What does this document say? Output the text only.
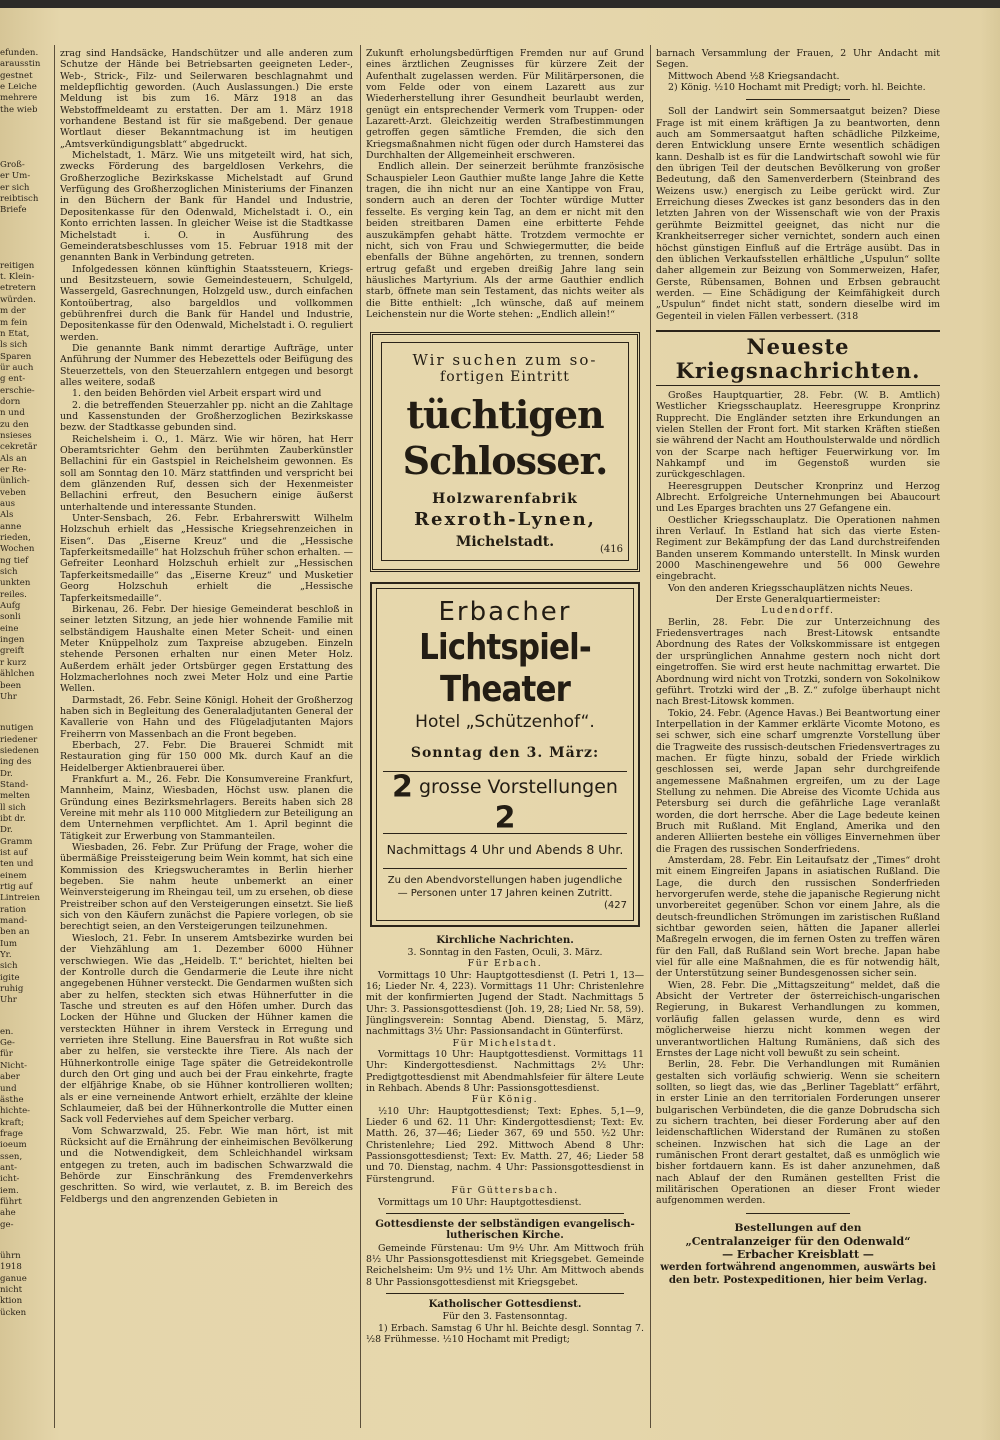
efunden.
arausstin
gestnet
e Leiche
mehrere
the wieb
Groß-
er Um-
er sich
reibtisch
Briefe
reitigen
t. Klein-
etretern
würden.
m der
m fein
n Etat,
ls sich
Sparen
ür auch
g ent-
erschie-
dorn
n und
zu den
nsieses
cekretär
Als an
er Re-
ünlich-
veben
aus
Als
anne
rieden,
Wochen
ng tief
sich
unkten
reiles.
Aufg
sonli
eine
ingen
greift
r kurz
ählchen
been
Uhr
nutigen
riedener
siedenen
ing des
Dr.
Stand-
melten
ll sich
ibt dr.
Dr.
Gramm
ist auf
ten und
einem
rtig auf
Lintreien
ration
mand-
ben an
Ium
Yr.
sich
igite
ruhig
Uhr
en.
Ge-
für
Nicht-
aber
und
ästhe
hichte-
kraft;
frage
ioeum
ssen,
ant-
icht-
iem.
führt
ahe
ge-
ührn
1918
ganue
nicht
ktion
ücken

zrag sind Handsäcke, Handschützer und alle anderen zum Schutze der Hände bei Betriebsarten geeigneten Leder-, Web-, Strick-, Filz- und Seilerwaren beschlagnahmt und meldepflichtig geworden. (Auch Auslassungen.) Die erste Meldung ist bis zum 16. März 1918 an das Webstoffmeldeamt zu erstatten. Der am 1. März 1918 vorhandene Bestand ist für sie maßgebend. Der genaue Wortlaut dieser Bekanntmachung ist im heutigen „Amtsverkündigungsblatt“ abgedruckt.

Michelstadt, 1. März. Wie uns mitgeteilt wird, hat sich, zwecks Förderung des bargeldlosen Verkehrs, die Großherzogliche Bezirkskasse Michelstadt auf Grund Verfügung des Großherzoglichen Ministeriums der Finanzen in den Büchern der Bank für Handel und Industrie, Depositenkasse für den Odenwald, Michelstadt i. O., ein Konto errichten lassen. In gleicher Weise ist die Stadtkasse Michelstadt i. O. in Ausführung des Gemeinderatsbeschlusses vom 15. Februar 1918 mit der genannten Bank in Verbindung getreten.

Infolgedessen können künftighin Staatssteuern, Kriegs- und Besitzsteuern, sowie Gemeindesteuern, Schulgeld, Wassergeld, Gasrechnungen, Holzgeld usw., durch einfachen Kontoübertrag, also bargeldlos und vollkommen gebührenfrei durch die Bank für Handel und Industrie, Depositenkasse für den Odenwald, Michelstadt i. O. reguliert werden.

Die genannte Bank nimmt derartige Aufträge, unter Anführung der Nummer des Hebezettels oder Beifügung des Steuerzettels, von den Steuerzahlern entgegen und besorgt alles weitere, sodaß

1. den beiden Behörden viel Arbeit erspart wird und

2. die betreffenden Steuerzahler pp. nicht an die Zahltage und Kassenstunden der Großherzoglichen Bezirkskasse bezw. der Stadtkasse gebunden sind.

Reichelsheim i. O., 1. März. Wie wir hören, hat Herr Oberamtsrichter Gehm den berühmten Zauberkünstler Bellachini für ein Gastspiel in Reichelsheim gewonnen. Es soll am Sonntag den 10. März stattfinden und verspricht bei dem glänzenden Ruf, dessen sich der Hexenmeister Bellachini erfreut, den Besuchern einige äußerst unterhaltende und interessante Stunden.

Unter-Sensbach, 26. Febr. Erbahrerswitt Wilhelm Holzschuh erhielt das „Hessische Kriegsehrenzeichen in Eisen“. Das „Eiserne Kreuz“ und die „Hessische Tapferkeitsmedaille“ hat Holzschuh früher schon erhalten. — Gefreiter Leonhard Holzschuh erhielt zur „Hessischen Tapferkeitsmedaille“ das „Eiserne Kreuz“ und Musketier Georg Holzschuh erhielt die „Hessische Tapferkeitsmedaille“.

Birkenau, 26. Febr. Der hiesige Gemeinderat beschloß in seiner letzten Sitzung, an jede hier wohnende Familie mit selbständigem Haushalte einen Meter Scheit- und einen Meter Knüppelholz zum Taxpreise abzugeben. Einzeln stehende Personen erhalten nur einen Meter Holz. Außerdem erhält jeder Ortsbürger gegen Erstattung des Holzmacherlohnes noch zwei Meter Holz und eine Partie Wellen.

Darmstadt, 26. Febr. Seine Königl. Hoheit der Großherzog haben sich in Begleitung des Generaladjutanten General der Kavallerie von Hahn und des Flügeladjutanten Majors Freiherrn von Massenbach an die Front begeben.

Eberbach, 27. Febr. Die Brauerei Schmidt mit Restauration ging für 150 000 Mk. durch Kauf an die Heidelberger Aktienbrauerei über.

Frankfurt a. M., 26. Febr. Die Konsumvereine Frankfurt, Mannheim, Mainz, Wiesbaden, Höchst usw. planen die Gründung eines Bezirksmehrlagers. Bereits haben sich 28 Vereine mit mehr als 110 000 Mitgliedern zur Beteiligung an dem Unternehmen verpflichtet. Am 1. April beginnt die Tätigkeit zur Erwerbung von Stammanteilen.

Wiesbaden, 26. Febr. Zur Prüfung der Frage, woher die übermäßige Preissteigerung beim Wein kommt, hat sich eine Kommission des Kriegswucheramtes in Berlin hierher begeben. Sie nahm heute unbemerkt an einer Weinversteigerung im Rheingau teil, um zu ersehen, ob diese Preistreiber schon auf den Versteigerungen einsetzt. Sie ließ sich von den Käufern zunächst die Papiere vorlegen, ob sie berechtigt seien, an den Versteigerungen teilzunehmen.

Wiesloch, 21. Febr. In unserem Amtsbezirke wurden bei der Viehzählung am 1. Dezember 6000 Hühner verschwiegen. Wie das „Heidelb. T.“ berichtet, hielten bei der Kontrolle durch die Gendarmerie die Leute ihre nicht angegebenen Hühner versteckt. Die Gendarmen wußten sich aber zu helfen, steckten sich etwas Hühnerfutter in die Tasche und streuten es auf den Höfen umher. Durch das Locken der Hühne und Glucken der Hühner kamen die versteckten Hühner in ihrem Versteck in Erregung und verrieten ihre Stellung. Eine Bauersfrau in Rot wußte sich aber zu helfen, sie versteckte ihre Tiere. Als nach der Hühnerkontrolle einige Tage später die Getreidekontrolle durch den Ort ging und auch bei der Frau einkehrte, fragte der elfjährige Knabe, ob sie Hühner kontrollieren wollten; als er eine verneinende Antwort erhielt, erzählte der kleine Schlaumeier, daß bei der Hühnerkontrolle die Mutter einen Sack voll Federviehes auf dem Speicher verbarg.

Vom Schwarzwald, 25. Febr. Wie man hört, ist mit Rücksicht auf die Ernährung der einheimischen Bevölkerung und die Notwendigkeit, dem Schleichhandel wirksam entgegen zu treten, auch im badischen Schwarzwald die Behörde zur Einschränkung des Fremdenverkehrs geschritten. So wird, wie verlautet, z. B. im Bereich des Feldbergs und den angrenzenden Gebieten in

Zukunft erholungsbedürftigen Fremden nur auf Grund eines ärztlichen Zeugnisses für kürzere Zeit der Aufenthalt zugelassen werden. Für Militärpersonen, die vom Felde oder von einem Lazarett aus zur Wiederherstellung ihrer Gesundheit beurlaubt werden, genügt ein entsprechender Vermerk vom Truppen- oder Lazarett-Arzt. Gleichzeitig werden Strafbestimmungen getroffen gegen sämtliche Fremden, die sich den Kriegsmaßnahmen nicht fügen oder durch Hamsterei das Durchhalten der Allgemeinheit erschweren.

Endlich allein. Der seinerzeit berühmte französische Schauspieler Leon Gauthier mußte lange Jahre die Kette tragen, die ihn nicht nur an eine Xantippe von Frau, sondern auch an deren der Tochter würdige Mutter fesselte. Es verging kein Tag, an dem er nicht mit den beiden streitbaren Damen eine erbitterte Fehde auszukämpfen gehabt hätte. Trotzdem vermochte er nicht, sich von Frau und Schwiegermutter, die beide ebenfalls der Bühne angehörten, zu trennen, sondern ertrug gefaßt und ergeben dreißig Jahre lang sein häusliches Martyrium. Als der arme Gauthier endlich starb, öffnete man sein Testament, das nichts weiter als die Bitte enthielt: „Ich wünsche, daß auf meinem Leichenstein nur die Worte stehen: „Endlich allein!“

Wir suchen zum so-
fortigen Eintritt
tüchtigen Schlosser.
Holzwarenfabrik
Rexroth-Lynen,
Michelstadt.	(416
Erbacher
Lichtspiel-Theater
Hotel „Schützenhof“.
Sonntag den 3. März:
2 grosse Vorstellungen 2
Nachmittags 4 Uhr und Abends 8 Uhr.
Zu den Abendvorstellungen haben jugendliche — Personen unter 17 Jahren keinen Zutritt.
(427
Kirchliche Nachrichten.

3. Sonntag in den Fasten, Oculi, 3. März.

Für Erbach.

Vormittags 10 Uhr: Hauptgottesdienst (I. Petri 1, 13—16; Lieder Nr. 4, 223). Vormittags 11 Uhr: Christenlehre mit der konfirmierten Jugend der Stadt. Nachmittags 5 Uhr: 3. Passionsgottesdienst (Joh. 19, 28; Lied Nr. 58, 59). Jünglingsverein: Sonntag Abend. Dienstag, 5. März, nachmittags 3½ Uhr: Passionsandacht in Günterfürst.

Für Michelstadt.

Vormittags 10 Uhr: Hauptgottesdienst. Vormittags 11 Uhr: Kindergottesdienst. Nachmittags 2½ Uhr: Predigtgottesdienst mit Abendmahlsfeier für ältere Leute in Rehbach. Abends 8 Uhr: Passionsgottesdienst.

Für König.

½10 Uhr: Hauptgottesdienst; Text: Ephes. 5,1—9, Lieder 6 und 62. 11 Uhr: Kindergottesdienst; Text: Ev. Matth. 26, 37—46; Lieder 367, 69 und 550. ½2 Uhr: Christenlehre; Lied 292. Mittwoch Abend 8 Uhr: Passionsgottesdienst; Text: Ev. Matth. 27, 46; Lieder 58 und 70. Dienstag, nachm. 4 Uhr: Passionsgottesdienst in Fürstengrund.

Für Güttersbach.

Vormittags um 10 Uhr: Hauptgottesdienst.

Gottesdienste der selbständigen evangelisch-lutherischen Kirche.

Gemeinde Fürstenau: Um 9½ Uhr. Am Mittwoch früh 8½ Uhr Passionsgottesdienst mit Kriegsgebet. Gemeinde Reichelsheim: Um 9½ und 1½ Uhr. Am Mittwoch abends 8 Uhr Passionsgottesdienst mit Kriegsgebet.

Katholischer Gottesdienst.

Für den 3. Fastensonntag.

1) Erbach. Samstag 6 Uhr hl. Beichte desgl. Sonntag 7. ½8 Frühmesse. ½10 Hochamt mit Predigt;

barnach Versammlung der Frauen, 2 Uhr Andacht mit Segen.

Mittwoch Abend ½8 Kriegsandacht.

2) König. ½10 Hochamt mit Predigt; vorh. hl. Beichte.

Soll der Landwirt sein Sommersaatgut beizen? Diese Frage ist mit einem kräftigen Ja zu beantworten, denn auch am Sommersaatgut haften schädliche Pilzkeime, deren Entwicklung unsere Ernte wesentlich schädigen kann. Deshalb ist es für die Landwirtschaft sowohl wie für den übrigen Teil der deutschen Bevölkerung von großer Bedeutung, daß den Samenverderbern (Steinbrand des Weizens usw.) energisch zu Leibe gerückt wird. Zur Erreichung dieses Zweckes ist ganz besonders das in den letzten Jahren von der Wissenschaft wie von der Praxis gerühmte Beizmittel geeignet, das nicht nur die Krankheitserreger sicher vernichtet, sondern auch einen höchst günstigen Einfluß auf die Erträge ausübt. Das in den üblichen Verkaufsstellen erhältliche „Uspulun“ sollte daher allgemein zur Beizung von Sommerweizen, Hafer, Gerste, Rübensamen, Bohnen und Erbsen gebraucht werden. — Eine Schädigung der Keimfähigkeit durch „Uspulun“ findet nicht statt, sondern dieselbe wird im Gegenteil in vielen Fällen verbessert. (318

Neueste Kriegsnachrichten.

Großes Hauptquartier, 28. Febr. (W. B. Amtlich) Westlicher Kriegsschauplatz. Heeresgruppe Kronprinz Rupprecht. Die Engländer setzten ihre Erkundungen an vielen Stellen der Front fort. Mit starken Kräften stießen sie während der Nacht am Houthoulsterwalde und nördlich von der Scarpe nach heftiger Feuerwirkung vor. Im Nahkampf und im Gegenstoß wurden sie zurückgeschlagen.

Heeresgruppen Deutscher Kronprinz und Herzog Albrecht. Erfolgreiche Unternehmungen bei Abaucourt und Les Eparges brachten uns 27 Gefangene ein.

Oestlicher Kriegsschauplatz. Die Operationen nahmen ihren Verlauf. In Estland hat sich das vierte Esten-Regiment zur Bekämpfung der das Land durchstreifenden Banden unserem Kommando unterstellt. In Minsk wurden 2000 Maschinengewehre und 56 000 Gewehre eingebracht.

Von den anderen Kriegsschauplätzen nichts Neues.

Der Erste Generalquartiermeister:

Ludendorff.

Berlin, 28. Febr. Die zur Unterzeichnung des Friedensvertrages nach Brest-Litowsk entsandte Abordnung des Rates der Volkskommissare ist entgegen der ursprünglichen Annahme gestern noch nicht dort eingetroffen. Sie wird erst heute nachmittag erwartet. Die Abordnung wird nicht von Trotzki, sondern von Sokolnikow geführt. Trotzki wird der „B. Z.“ zufolge überhaupt nicht nach Brest-Litowsk kommen.

Tokio, 24. Febr. (Agence Havas.) Bei Beantwortung einer Interpellation in der Kammer erklärte Vicomte Motono, es sei schwer, sich eine scharf umgrenzte Vorstellung über die Tragweite des russisch-deutschen Friedensvertrages zu machen. Er fügte hinzu, sobald der Friede wirklich geschlossen sei, werde Japan sehr durchgreifende angemessene Maßnahmen ergreifen, um zu der Lage Stellung zu nehmen. Die Abreise des Vicomte Uchida aus Petersburg sei durch die gefährliche Lage veranlaßt worden, die dort herrsche. Aber die Lage bedeute keinen Bruch mit Rußland. Mit England, Amerika und den anderen Alliierten bestehe ein völliges Einvernehmen über die Fragen des russischen Sonderfriedens.

Amsterdam, 28. Febr. Ein Leitaufsatz der „Times“ droht mit einem Eingreifen Japans in asiatischen Rußland. Die Lage, die durch den russischen Sonderfrieden hervorgerufen werde, stehe die japanische Regierung nicht unvorbereitet gegenüber. Schon vor einem Jahre, als die deutsch-freundlichen Strömungen im zaristischen Rußland sichtbar geworden seien, hätten die Japaner allerlei Maßregeln erwogen, die im fernen Osten zu treffen wären für den Fall, daß Rußland sein Wort breche. Japan habe viel für alle eine Maßnahmen, die es für notwendig hält, der Unterstützung seiner Bundesgenossen sicher sein.

Wien, 28. Febr. Die „Mittagszeitung“ meldet, daß die Absicht der Vertreter der österreichisch-ungarischen Regierung, in Bukarest Verhandlungen zu kommen, vorläufig fallen gelassen wurde, denn es wird möglicherweise hierzu nicht kommen wegen der unverantwortlichen Haltung Rumäniens, daß sich des Ernstes der Lage nicht voll bewußt zu sein scheint.

Berlin, 28. Febr. Die Verhandlungen mit Rumänien gestalten sich vorläufig schwierig. Wenn sie scheitern sollten, so liegt das, wie das „Berliner Tageblatt“ erfährt, in erster Linie an den territorialen Forderungen unserer bulgarischen Verbündeten, die die ganze Dobrudscha sich zu sichern trachten, bei dieser Forderung aber auf den leidenschaftlichen Widerstand der Rumänen zu stoßen scheinen. Inzwischen hat sich die Lage an der rumänischen Front derart gestaltet, daß es unmöglich wie bisher fortdauern kann. Es ist daher anzunehmen, daß nach Ablauf der den Rumänen gestellten Frist die militärischen Operationen an dieser Front wieder aufgenommen werden.

Bestellungen auf den
„Centralanzeiger für den Odenwald“
— Erbacher Kreisblatt —
werden fortwährend angenommen, auswärts bei den betr. Postexpeditionen, hier beim Verlag.
